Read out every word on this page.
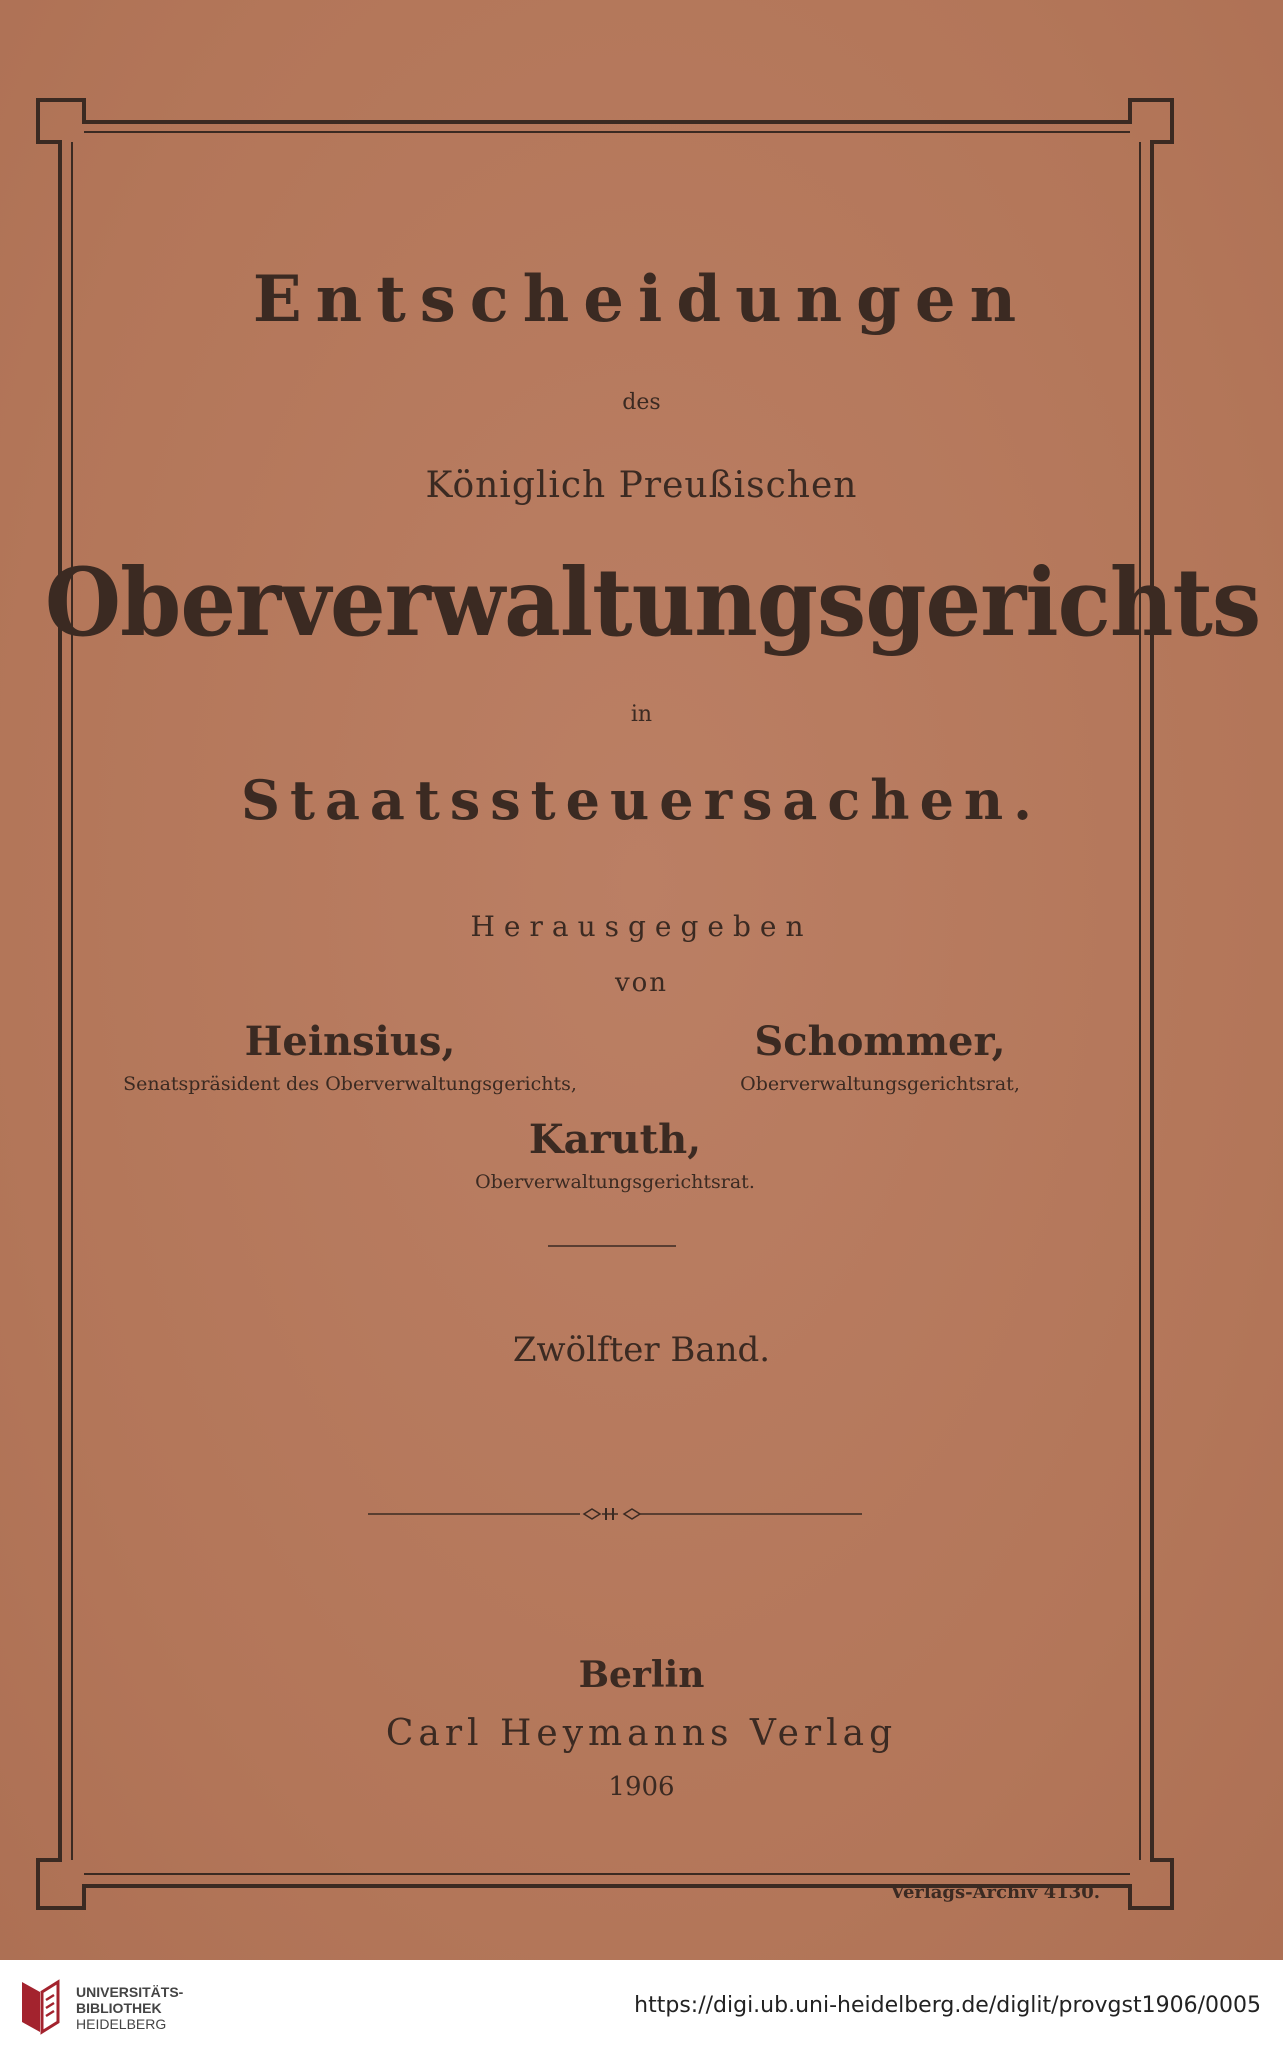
Entscheidungen
des
Königlich Preußischen
Oberverwaltungsgerichts
in
Staatssteuersachen.
Herausgegeben
von
Heinsius,
Senatspräsident des Oberverwaltungsgerichts,
Schommer,
Oberverwaltungsgerichtsrat,
Karuth,
Oberverwaltungsgerichtsrat.
Zwölfter Band.
Berlin
Carl Heymanns Verlag
1906
Verlags-Archiv 4130.
UNIVERSITÄTS-
BIBLIOTHEK
HEIDELBERG
https://digi.ub.uni-heidelberg.de/diglit/provgst1906/0005
